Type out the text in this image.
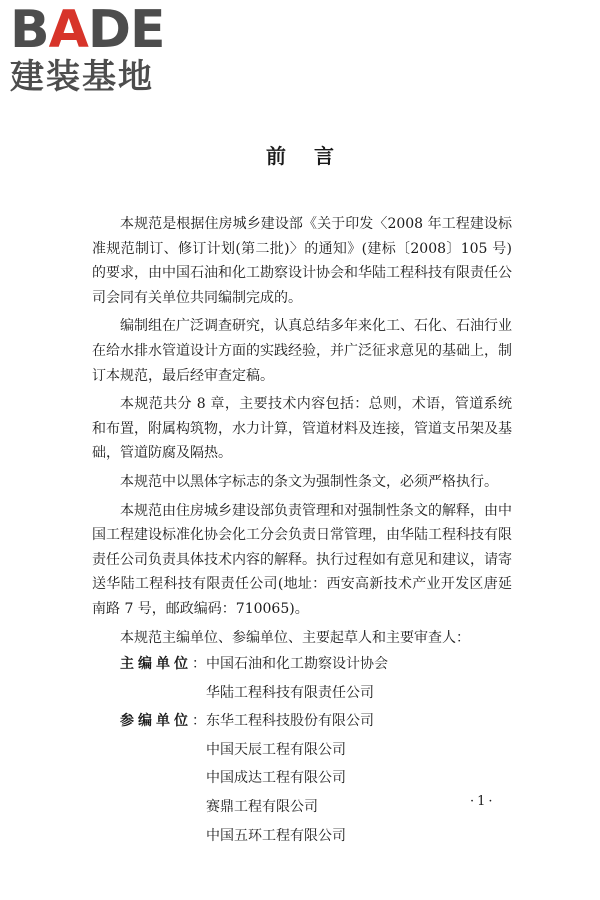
BADE
建装基地
前言

本规范是根据住房城乡建设部《关于印发〈2008 年工程建设标准规范制订、修订计划(第二批)〉的通知》(建标〔2008〕105 号)的要求，由中国石油和化工勘察设计协会和华陆工程科技有限责任公司会同有关单位共同编制完成的。

编制组在广泛调查研究，认真总结多年来化工、石化、石油行业在给水排水管道设计方面的实践经验，并广泛征求意见的基础上，制订本规范，最后经审查定稿。

本规范共分 8 章，主要技术内容包括：总则，术语，管道系统和布置，附属构筑物，水力计算，管道材料及连接，管道支吊架及基础，管道防腐及隔热。

本规范中以黑体字标志的条文为强制性条文，必须严格执行。

本规范由住房城乡建设部负责管理和对强制性条文的解释，由中国工程建设标准化协会化工分会负责日常管理，由华陆工程科技有限责任公司负责具体技术内容的解释。执行过程如有意见和建议，请寄送华陆工程科技有限责任公司(地址：西安高新技术产业开发区唐延南路 7 号，邮政编码：710065)。

本规范主编单位、参编单位、主要起草人和主要审查人：

主编单位： 中国石油和化工勘察设计协会
华陆工程科技有限责任公司
参编单位： 东华工程科技股份有限公司
中国天辰工程有限公司
中国成达工程有限公司
赛鼎工程有限公司
中国五环工程有限公司
·1·
